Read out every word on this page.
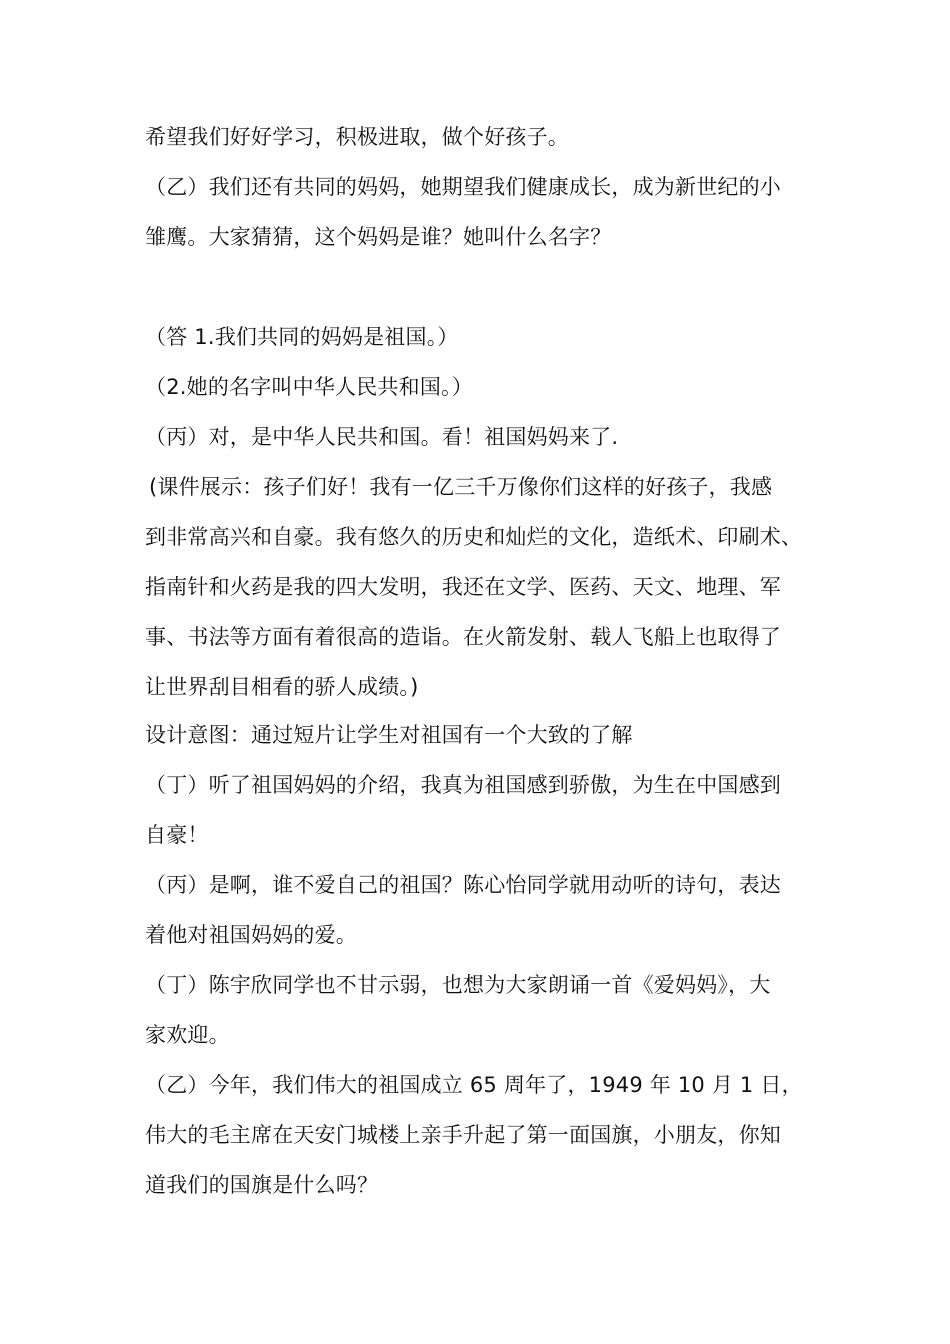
希望我们好好学习，积极进取，做个好孩子。
（乙）我们还有共同的妈妈，她期望我们健康成长，成为新世纪的小
雏鹰。大家猜猜，这个妈妈是谁？她叫什么名字？
（答 1.我们共同的妈妈是祖国。）
（2.她的名字叫中华人民共和国。）
（丙）对，是中华人民共和国。看！祖国妈妈来了.
(课件展示：孩子们好！我有一亿三千万像你们这样的好孩子，我感
到非常高兴和自豪。我有悠久的历史和灿烂的文化，造纸术、印刷术、
指南针和火药是我的四大发明，我还在文学、医药、天文、地理、军
事、书法等方面有着很高的造诣。在火箭发射、载人飞船上也取得了
让世界刮目相看的骄人成绩。)
设计意图：通过短片让学生对祖国有一个大致的了解
（丁）听了祖国妈妈的介绍，我真为祖国感到骄傲，为生在中国感到
自豪！
（丙）是啊，谁不爱自己的祖国？陈心怡同学就用动听的诗句，表达
着他对祖国妈妈的爱。
（丁）陈宇欣同学也不甘示弱，也想为大家朗诵一首《爱妈妈》，大
家欢迎。
（乙）今年，我们伟大的祖国成立 65 周年了，1949 年 10 月 1 日，
伟大的毛主席在天安门城楼上亲手升起了第一面国旗，小朋友，你知
道我们的国旗是什么吗？
